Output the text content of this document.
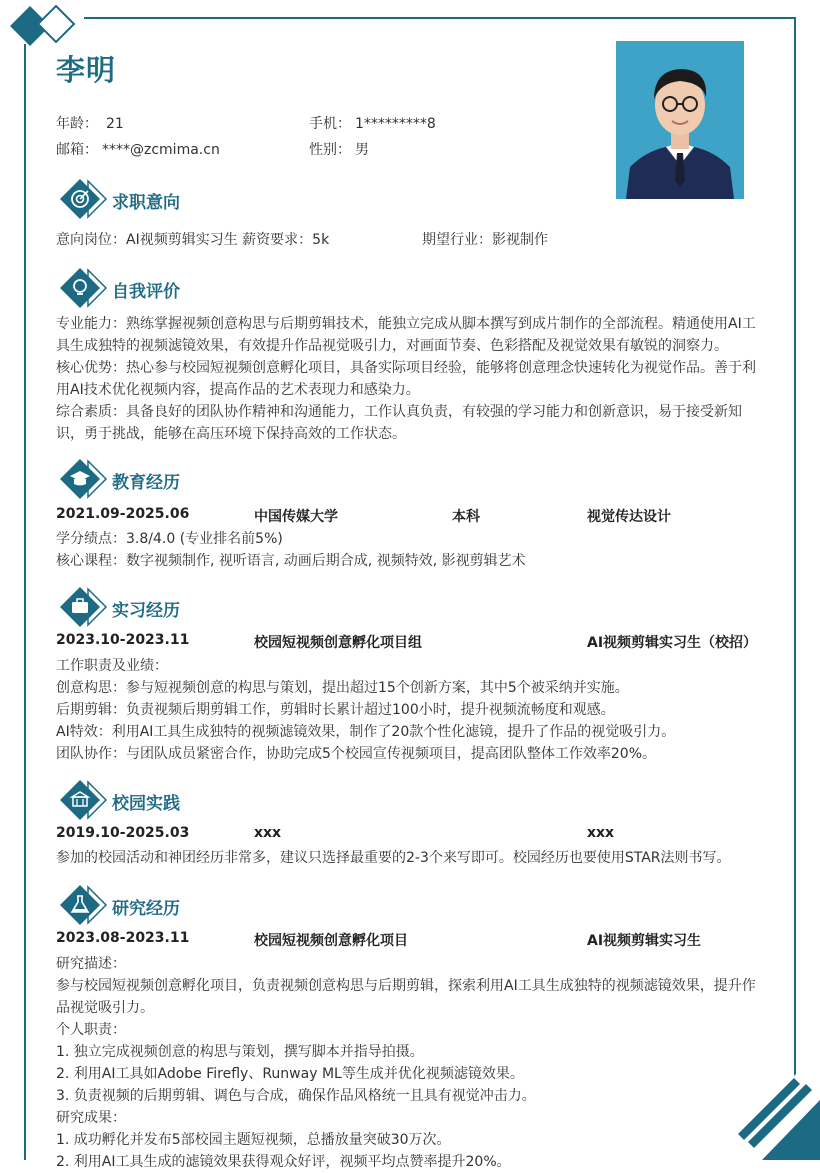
李明
年龄： 21	手机： 1*********8
邮箱： ****@zcmima.cn	性别： 男
求职意向
意向岗位：AI视频剪辑实习生 薪资要求：5k	期望行业：影视制作
自我评价
专业能力：熟练掌握视频创意构思与后期剪辑技术，能独立完成从脚本撰写到成片制作的全部流程。精通使用AI工具生成独特的视频滤镜效果，有效提升作品视觉吸引力，对画面节奏、色彩搭配及视觉效果有敏锐的洞察力。
核心优势：热心参与校园短视频创意孵化项目，具备实际项目经验，能够将创意理念快速转化为视觉作品。善于利用AI技术优化视频内容，提高作品的艺术表现力和感染力。
综合素质：具备良好的团队协作精神和沟通能力，工作认真负责，有较强的学习能力和创新意识，易于接受新知识，勇于挑战，能够在高压环境下保持高效的工作状态。
教育经历
2021.09-2025.06	中国传媒大学	本科	视觉传达设计
学分绩点：3.8/4.0 (专业排名前5%)
核心课程：数字视频制作, 视听语言, 动画后期合成, 视频特效, 影视剪辑艺术
实习经历
2023.10-2023.11	校园短视频创意孵化项目组	AI视频剪辑实习生（校招）
工作职责及业绩：
创意构思：参与短视频创意的构思与策划，提出超过15个创新方案，其中5个被采纳并实施。
后期剪辑：负责视频后期剪辑工作，剪辑时长累计超过100小时，提升视频流畅度和观感。
AI特效：利用AI工具生成独特的视频滤镜效果，制作了20款个性化滤镜，提升了作品的视觉吸引力。
团队协作：与团队成员紧密合作，协助完成5个校园宣传视频项目，提高团队整体工作效率20%。
校园实践
2019.10-2025.03	xxx	xxx
参加的校园活动和神团经历非常多，建议只选择最重要的2-3个来写即可。校园经历也要使用STAR法则书写。
研究经历
2023.08-2023.11	校园短视频创意孵化项目	AI视频剪辑实习生
研究描述：
参与校园短视频创意孵化项目，负责视频创意构思与后期剪辑，探索利用AI工具生成独特的视频滤镜效果，提升作品视觉吸引力。
个人职责：
1. 独立完成视频创意的构思与策划，撰写脚本并指导拍摄。
2. 利用AI工具如Adobe Firefly、Runway ML等生成并优化视频滤镜效果。
3. 负责视频的后期剪辑、调色与合成，确保作品风格统一且具有视觉冲击力。
研究成果：
1. 成功孵化并发布5部校园主题短视频，总播放量突破30万次。
2. 利用AI工具生成的滤镜效果获得观众好评，视频平均点赞率提升20%。
